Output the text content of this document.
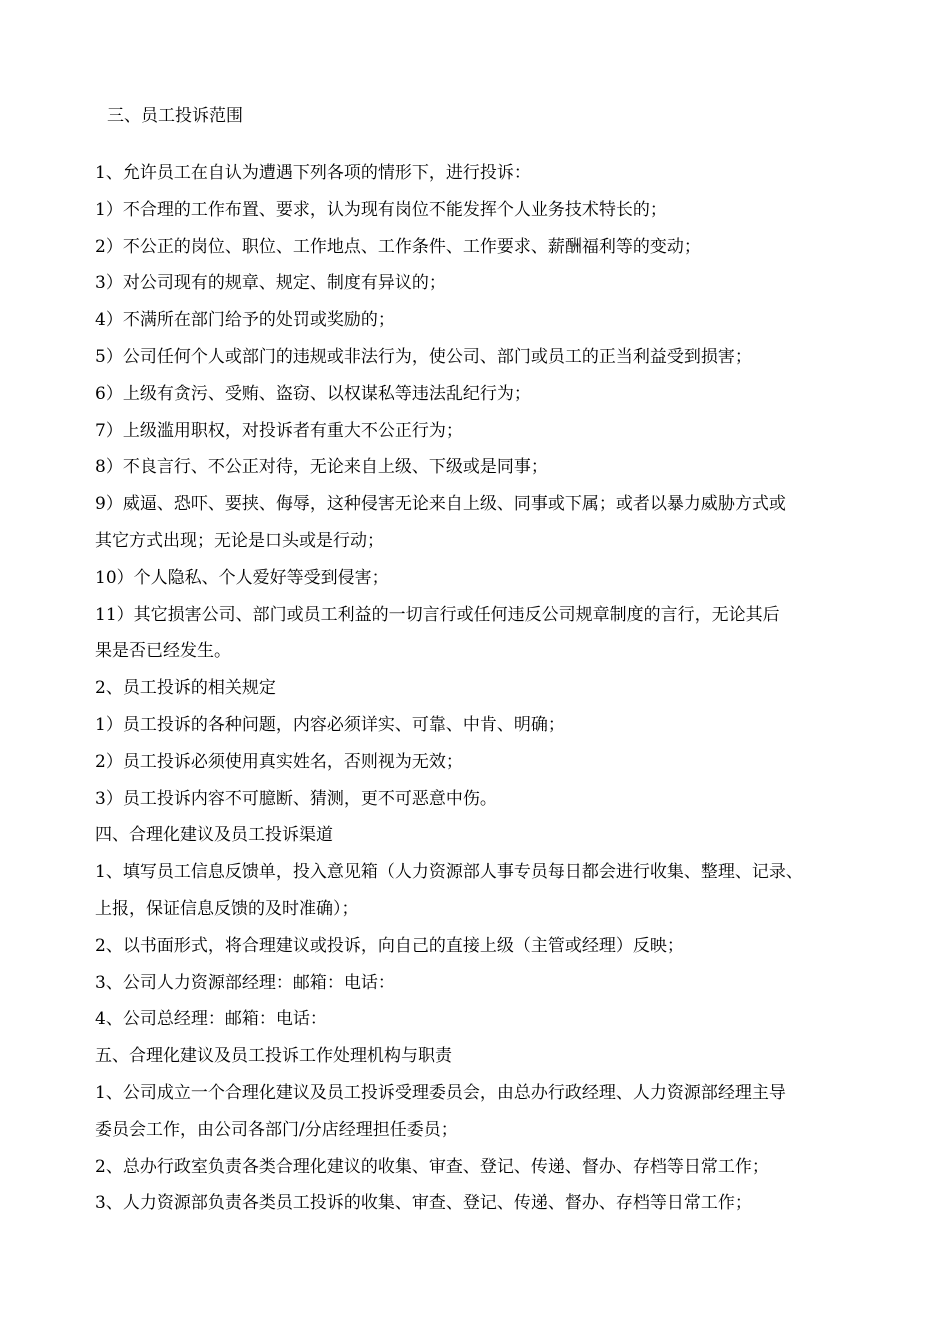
三、员工投诉范围
1、允许员工在自认为遭遇下列各项的情形下，进行投诉：
1）不合理的工作布置、要求，认为现有岗位不能发挥个人业务技术特长的；
2）不公正的岗位、职位、工作地点、工作条件、工作要求、薪酬福利等的变动；
3）对公司现有的规章、规定、制度有异议的；
4）不满所在部门给予的处罚或奖励的；
5）公司任何个人或部门的违规或非法行为，使公司、部门或员工的正当利益受到损害；
6）上级有贪污、受贿、盗窃、以权谋私等违法乱纪行为；
7）上级滥用职权，对投诉者有重大不公正行为；
8）不良言行、不公正对待，无论来自上级、下级或是同事；
9）威逼、恐吓、要挟、侮辱，这种侵害无论来自上级、同事或下属；或者以暴力威胁方式或
其它方式出现；无论是口头或是行动；
10）个人隐私、个人爱好等受到侵害；
11）其它损害公司、部门或员工利益的一切言行或任何违反公司规章制度的言行，无论其后
果是否已经发生。
2、员工投诉的相关规定
1）员工投诉的各种问题，内容必须详实、可靠、中肯、明确；
2）员工投诉必须使用真实姓名，否则视为无效；
3）员工投诉内容不可臆断、猜测，更不可恶意中伤。
四、合理化建议及员工投诉渠道
1、填写员工信息反馈单，投入意见箱（人力资源部人事专员每日都会进行收集、整理、记录、
上报，保证信息反馈的及时准确）；
2、以书面形式，将合理建议或投诉，向自己的直接上级（主管或经理）反映；
3、公司人力资源部经理：邮箱：电话：
4、公司总经理：邮箱：电话：
五、合理化建议及员工投诉工作处理机构与职责
1、公司成立一个合理化建议及员工投诉受理委员会，由总办行政经理、人力资源部经理主导
委员会工作，由公司各部门/分店经理担任委员；
2、总办行政室负责各类合理化建议的收集、审查、登记、传递、督办、存档等日常工作；
3、人力资源部负责各类员工投诉的收集、审查、登记、传递、督办、存档等日常工作；
